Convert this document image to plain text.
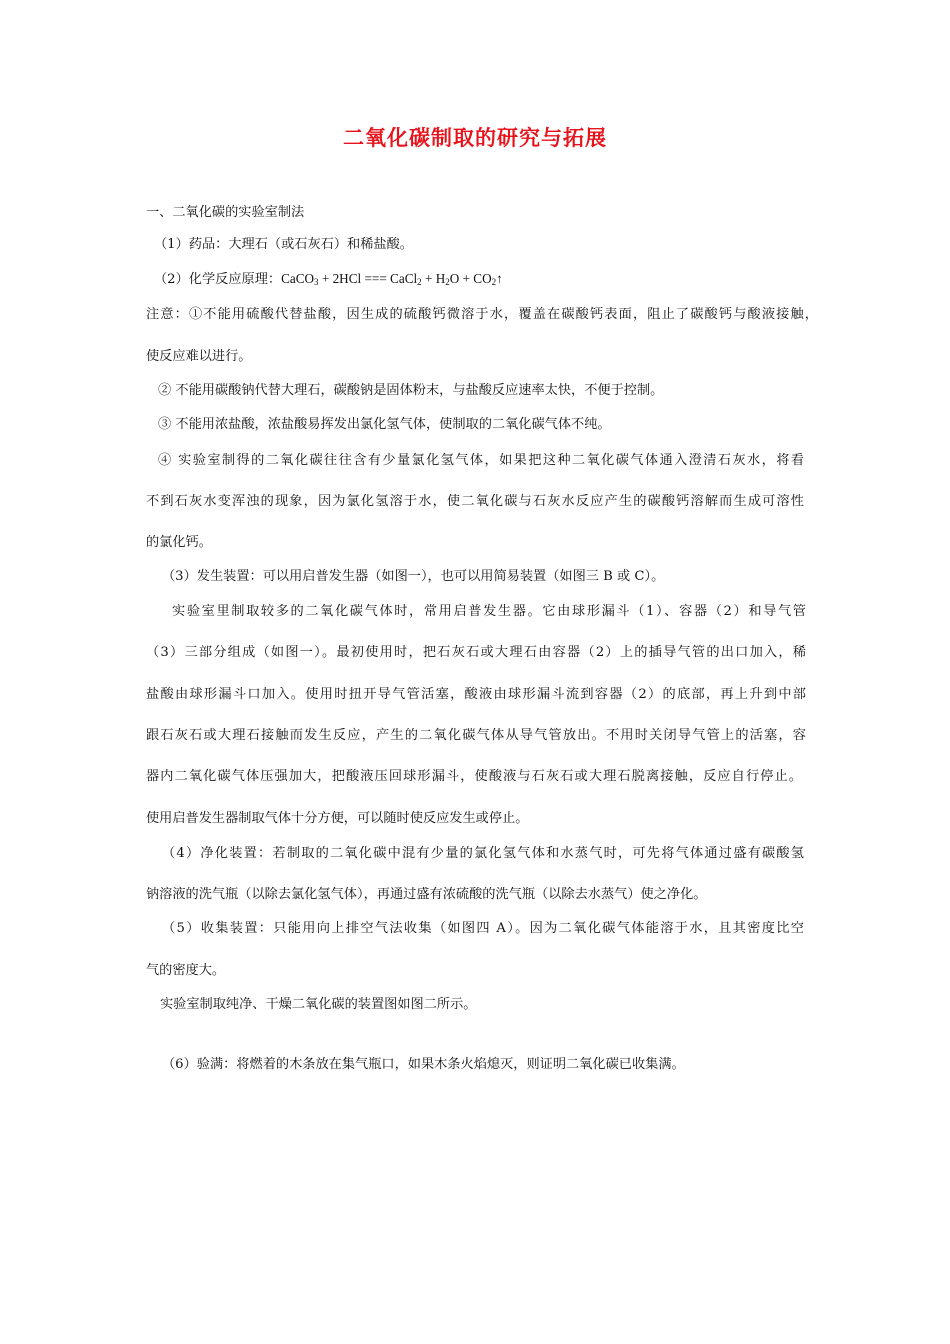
二氧化碳制取的研究与拓展
一、二氧化碳的实验室制法
（1）药品：大理石（或石灰石）和稀盐酸。
（2）化学反应原理：CaCO$_3$ + 2HCl === CaCl$_2$ + $H_2O$ + $CO_2↑$
注意：①不能用硫酸代替盐酸，因生成的硫酸钙微溶于水，覆盖在碳酸钙表面，阻止了碳酸钙与酸液接触，
使反应难以进行。
② 不能用碳酸钠代替大理石，碳酸钠是固体粉末，与盐酸反应速率太快，不便于控制。
③ 不能用浓盐酸，浓盐酸易挥发出氯化氢气体，使制取的二氧化碳气体不纯。
④ 实验室制得的二氧化碳往往含有少量氯化氢气体，如果把这种二氧化碳气体通入澄清石灰水，将看
不到石灰水变浑浊的现象，因为氯化氢溶于水，使二氧化碳与石灰水反应产生的碳酸钙溶解而生成可溶性
的氯化钙。
（3）发生装置：可以用启普发生器（如图一），也可以用简易装置（如图三 B 或 C）。
实验室里制取较多的二氧化碳气体时，常用启普发生器。它由球形漏斗（1）、容器（2）和导气管
（3）三部分组成（如图一）。最初使用时，把石灰石或大理石由容器（2）上的插导气管的出口加入，稀
盐酸由球形漏斗口加入。使用时扭开导气管活塞，酸液由球形漏斗流到容器（2）的底部，再上升到中部
跟石灰石或大理石接触而发生反应，产生的二氧化碳气体从导气管放出。不用时关闭导气管上的活塞，容
器内二氧化碳气体压强加大，把酸液压回球形漏斗，使酸液与石灰石或大理石脱离接触，反应自行停止。
使用启普发生器制取气体十分方便，可以随时使反应发生或停止。
（4）净化装置：若制取的二氧化碳中混有少量的氯化氢气体和水蒸气时，可先将气体通过盛有碳酸氢
钠溶液的洗气瓶（以除去氯化氢气体），再通过盛有浓硫酸的洗气瓶（以除去水蒸气）使之净化。
（5）收集装置：只能用向上排空气法收集（如图四 A）。因为二氧化碳气体能溶于水，且其密度比空
气的密度大。
实验室制取纯净、干燥二氧化碳的装置图如图二所示。
（6）验满：将燃着的木条放在集气瓶口，如果木条火焰熄灭，则证明二氧化碳已收集满。
